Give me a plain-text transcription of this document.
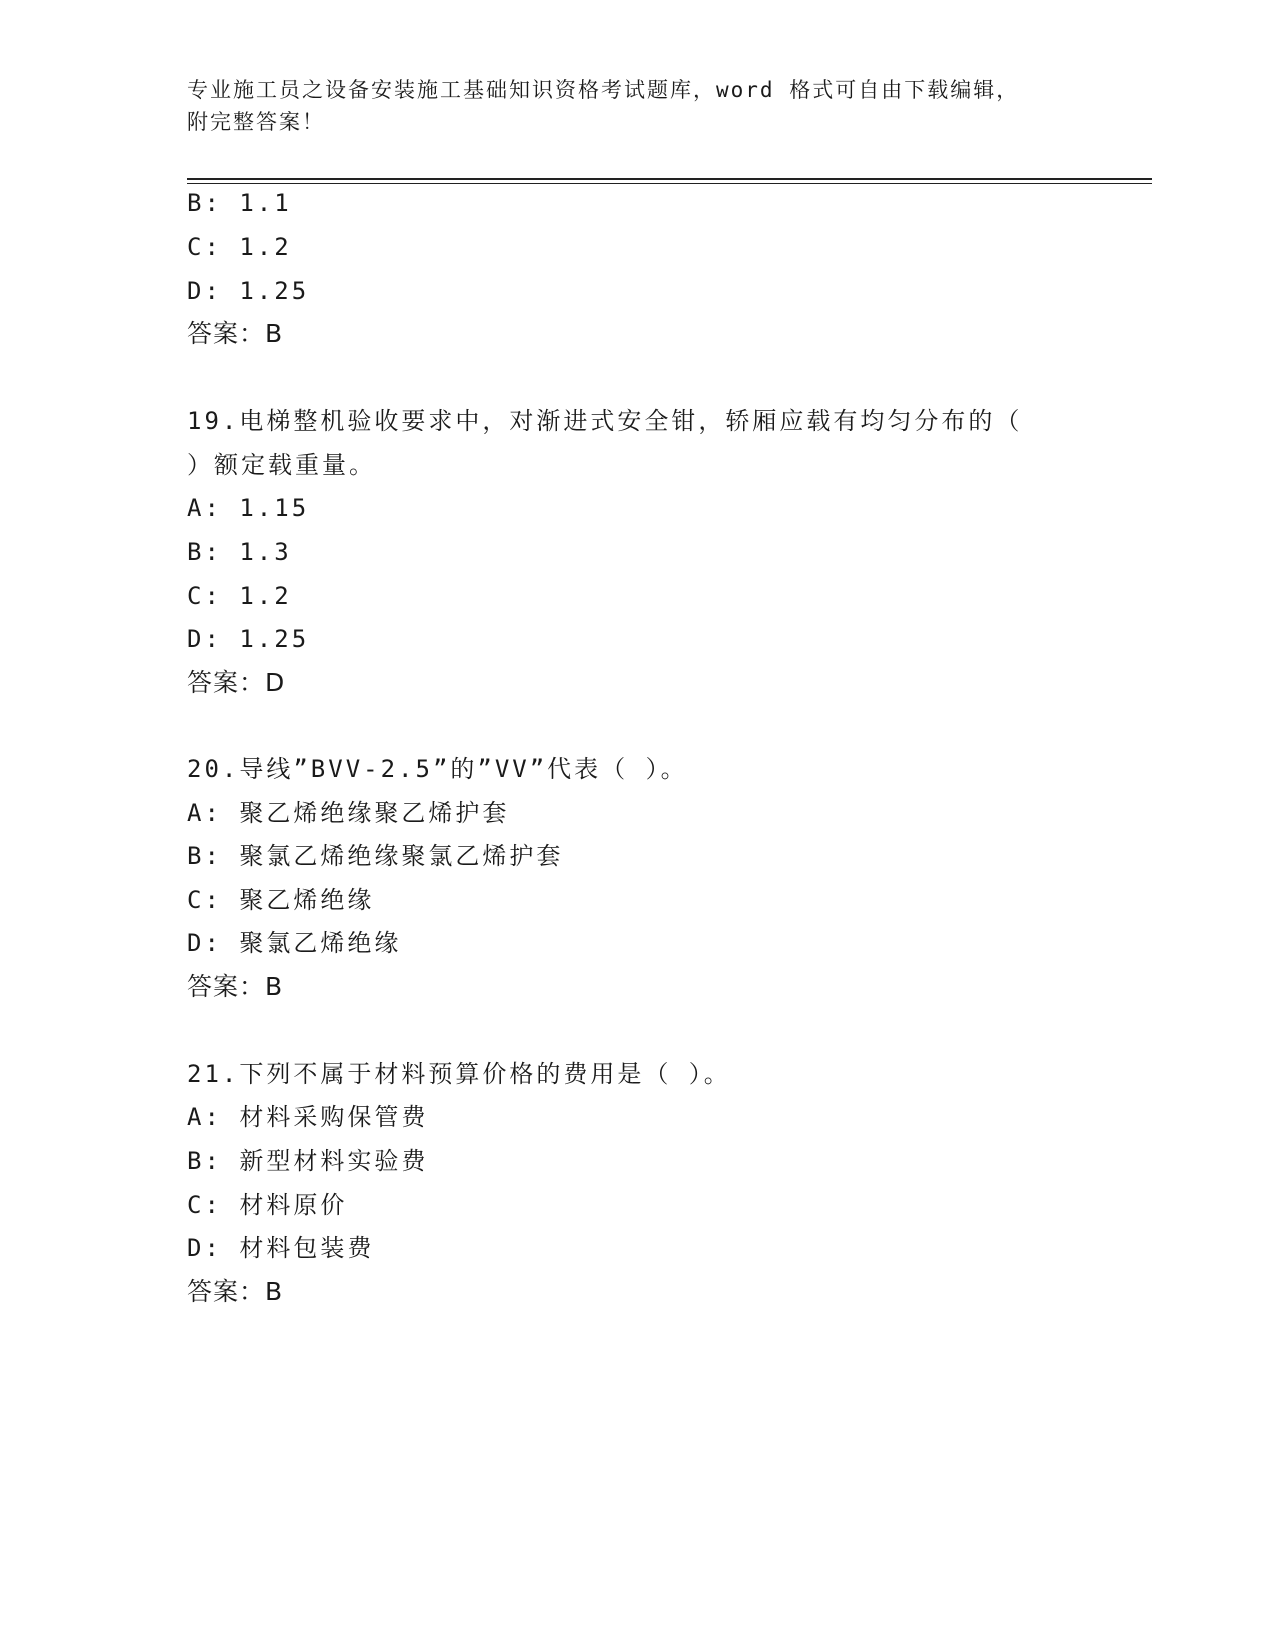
专业施工员之设备安装施工基础知识资格考试题库，word 格式可自由下载编辑，
附完整答案！
B: 1.1
C: 1.2
D: 1.25
答案：B
19.电梯整机验收要求中，对渐进式安全钳，轿厢应载有均匀分布的（
）额定载重量。
A: 1.15
B: 1.3
C: 1.2
D: 1.25
答案：D
20.导线”BVV-2.5”的”VV”代表（ ）。
A: 聚乙烯绝缘聚乙烯护套
B: 聚氯乙烯绝缘聚氯乙烯护套
C: 聚乙烯绝缘
D: 聚氯乙烯绝缘
答案：B
21.下列不属于材料预算价格的费用是（ ）。
A: 材料采购保管费
B: 新型材料实验费
C: 材料原价
D: 材料包装费
答案：B
